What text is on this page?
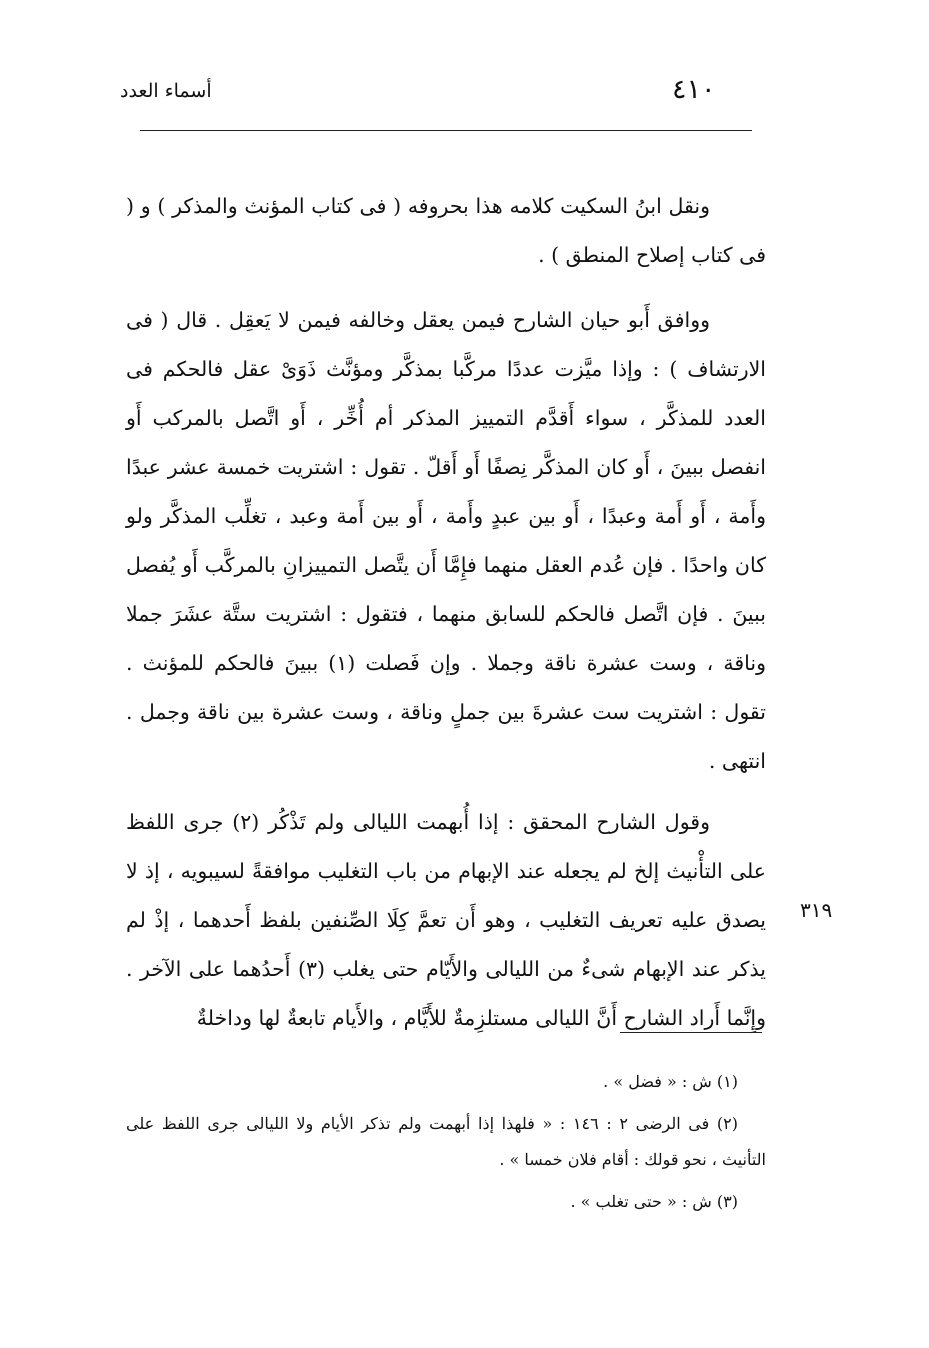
٤١٠
أسماء العدد

ونقل ابنُ السكيت كلامه هذا بحروفه ( فى كتاب المؤنث والمذكر ) و ( فى كتاب إصلاح المنطق ) .

ووافق أَبو حيان الشارح فيمن يعقل وخالفه فيمن لا يَعقِل . قال ( فى الارتشاف ) : وإذا ميَّزت عددًا مركَّبا بمذكَّر ومؤنَّث ذَوَىْ عقل فالحكم فى العدد للمذكَّر ، سواء أَقدَّم التمييز المذكر أم أُخِّر ، أَو اتَّصل بالمركب أَو انفصل ببينَ ، أَو كان المذكَّر نِصفًا أَو أَقلّ . تقول : اشتريت خمسة عشر عبدًا وأَمة ، أَو أَمة وعبدًا ، أَو بين عبدٍ وأَمة ، أَو بين أَمة وعبد ، تغلِّب المذكَّر ولو كان واحدًا . فإن عُدم العقل منهما فإِمَّا أَن يتَّصل التمييزانِ بالمركَّب أَو يُفصل ببينَ . فإن اتَّصل فالحكم للسابق منهما ، فتقول : اشتريت ستَّة عشَرَ جملا وناقة ، وست عشرة ناقة وجملا . وإن فَصلت (١) ببينَ فالحكم للمؤنث . تقول : اشتريت ست عشرةَ بين جملٍ وناقة ، وست عشرة بين ناقة وجمل . انتهى .

وقول الشارح المحقق : إذا أُبهمت الليالى ولم تَذْكُر (٢) جرى اللفظ على التأْنيث إلخ لم يجعله عند الإبهام من باب التغليب موافقةً لسيبويه ، إذ لا يصدق عليه تعريف التغليب ، وهو أَن تعمَّ كِلَا الصِّنفين بلفظ أَحدهما ، إذْ لم يذكر عند الإبهام شىءٌ من الليالى والأَيّام حتى يغلب (٣) أَحدُهما على الآخر . وإِنَّما أَراد الشارح أَنَّ الليالى مستلزِمةٌ للأَيَّام ، والأَيام تابعةٌ لها وداخلةٌ

٣١٩

(١) ش : « فضل » .

(٢) فى الرضى ٢ : ١٤٦ : « فلهذا إذا أبهمت ولم تذكر الأيام ولا الليالى جرى اللفظ على التأنيث ، نحو قولك : أقام فلان خمسا » .

(٣) ش : « حتى تغلب » .
